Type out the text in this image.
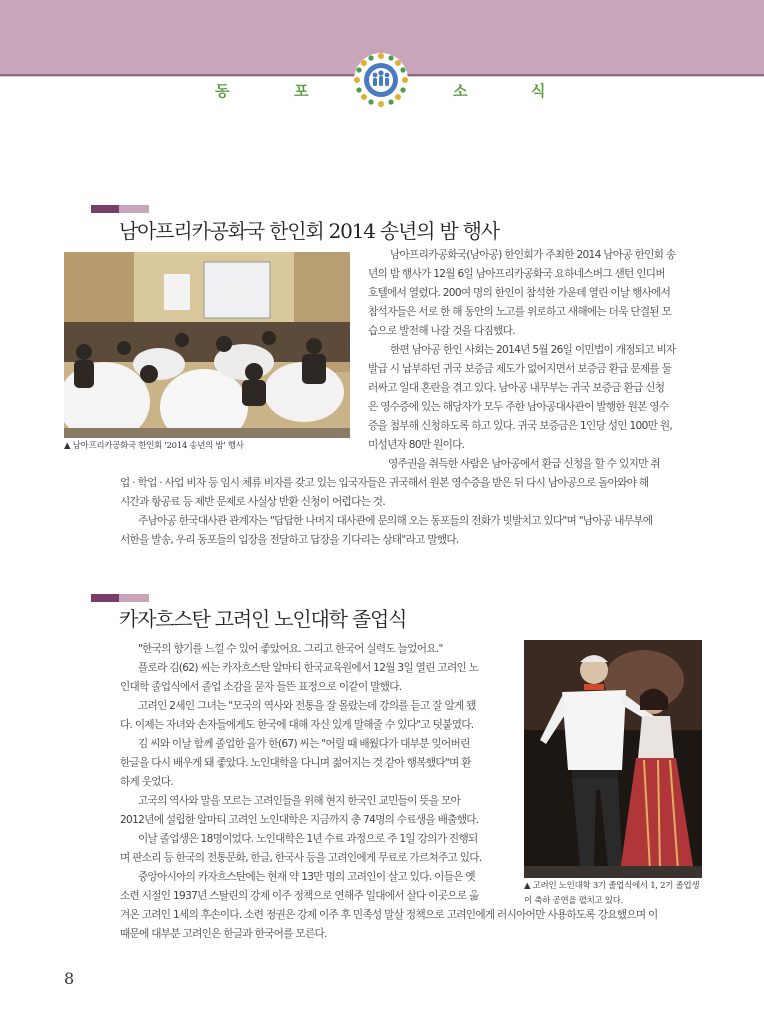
동	포	소	식
남아프리카공화국 한인회 2014 송년의 밤 행사
▲ 남아프리카공화국 한인회 '2014 송년의 밤' 행사
남아프리카공화국(남아공) 한인회가 주최한 2014 남아공 한인회 송
년의 밤 행사가 12월 6일 남아프리카공화국 요하네스버그 샌턴 인디버
호텔에서 열렸다. 200여 명의 한인이 참석한 가운데 열린 이날 행사에서
참석자들은 서로 한 해 동안의 노고를 위로하고 새해에는 더욱 단결된 모
습으로 발전해 나갈 것을 다짐했다.
한편 남아공 한인 사회는 2014년 5월 26일 이민법이 개정되고 비자
발급 시 납부하던 귀국 보증금 제도가 없어지면서 보증금 환급 문제를 둘
러싸고 일대 혼란을 겪고 있다. 남아공 내무부는 귀국 보증금 환급 신청
은 영수증에 있는 해당자가 모두 주한 남아공대사관이 발행한 원본 영수
증을 첨부해 신청하도록 하고 있다. 귀국 보증금은 1인당 성인 100만 원,
미성년자 80만 원이다.
영주권을 취득한 사람은 남아공에서 환급 신청을 할 수 있지만 취
업 · 학업 · 사업 비자 등 임시 체류 비자를 갖고 있는 입국자들은 귀국해서 원본 영수증을 받은 뒤 다시 남아공으로 돌아와야 해
시간과 항공료 등 제반 문제로 사실상 반환 신청이 어렵다는 것.
주남아공 한국대사관 관계자는 "답답한 나머지 대사관에 문의해 오는 동포들의 전화가 빗발치고 있다"며 "남아공 내무부에
서한을 발송, 우리 동포들의 입장을 전달하고 답장을 기다리는 상태"라고 말했다.
카자흐스탄 고려인 노인대학 졸업식
"한국의 향기를 느낄 수 있어 좋았어요. 그리고 한국어 실력도 늘었어요."
플로라 김(62) 씨는 카자흐스탄 알마티 한국교육원에서 12월 3일 열린 고려인 노
인대학 졸업식에서 졸업 소감을 묻자 들뜬 표정으로 이같이 말했다.
고려인 2세인 그녀는 "모국의 역사와 전통을 잘 몰랐는데 강의를 듣고 잘 알게 됐
다. 이제는 자녀와 손자들에게도 한국에 대해 자신 있게 말해줄 수 있다"고 덧붙였다.
김 씨와 이날 함께 졸업한 올가 한(67) 씨는 "어릴 때 배웠다가 대부분 잊어버린
한글을 다시 배우게 돼 좋았다. 노인대학을 다니며 젊어지는 것 같아 행복했다"며 환
하게 웃었다.
고국의 역사와 말을 모르는 고려인들을 위해 현지 한국인 교민들이 뜻을 모아
2012년에 설립한 알마티 고려인 노인대학은 지금까지 총 74명의 수료생을 배출했다.
이날 졸업생은 18명이었다. 노인대학은 1년 수료 과정으로 주 1일 강의가 진행되
며 판소리 등 한국의 전통문화, 한글, 한국사 등을 고려인에게 무료로 가르쳐주고 있다.
▲ 고려인 노인대학 3기 졸업식에서 1, 2기 졸업생이 축하 공연을 펼치고 있다.
중앙아시아의 카자흐스탄에는 현재 약 13만 명의 고려인이 살고 있다. 이들은 옛
소련 시절인 1937년 스탈린의 강제 이주 정책으로 연해주 일대에서 살다 이곳으로 옮
겨온 고려인 1세의 후손이다. 소련 정권은 강제 이주 후 민족성 말살 정책으로 고려인에게 러시아어만 사용하도록 강요했으며 이
때문에 대부분 고려인은 한글과 한국어를 모른다.
8
